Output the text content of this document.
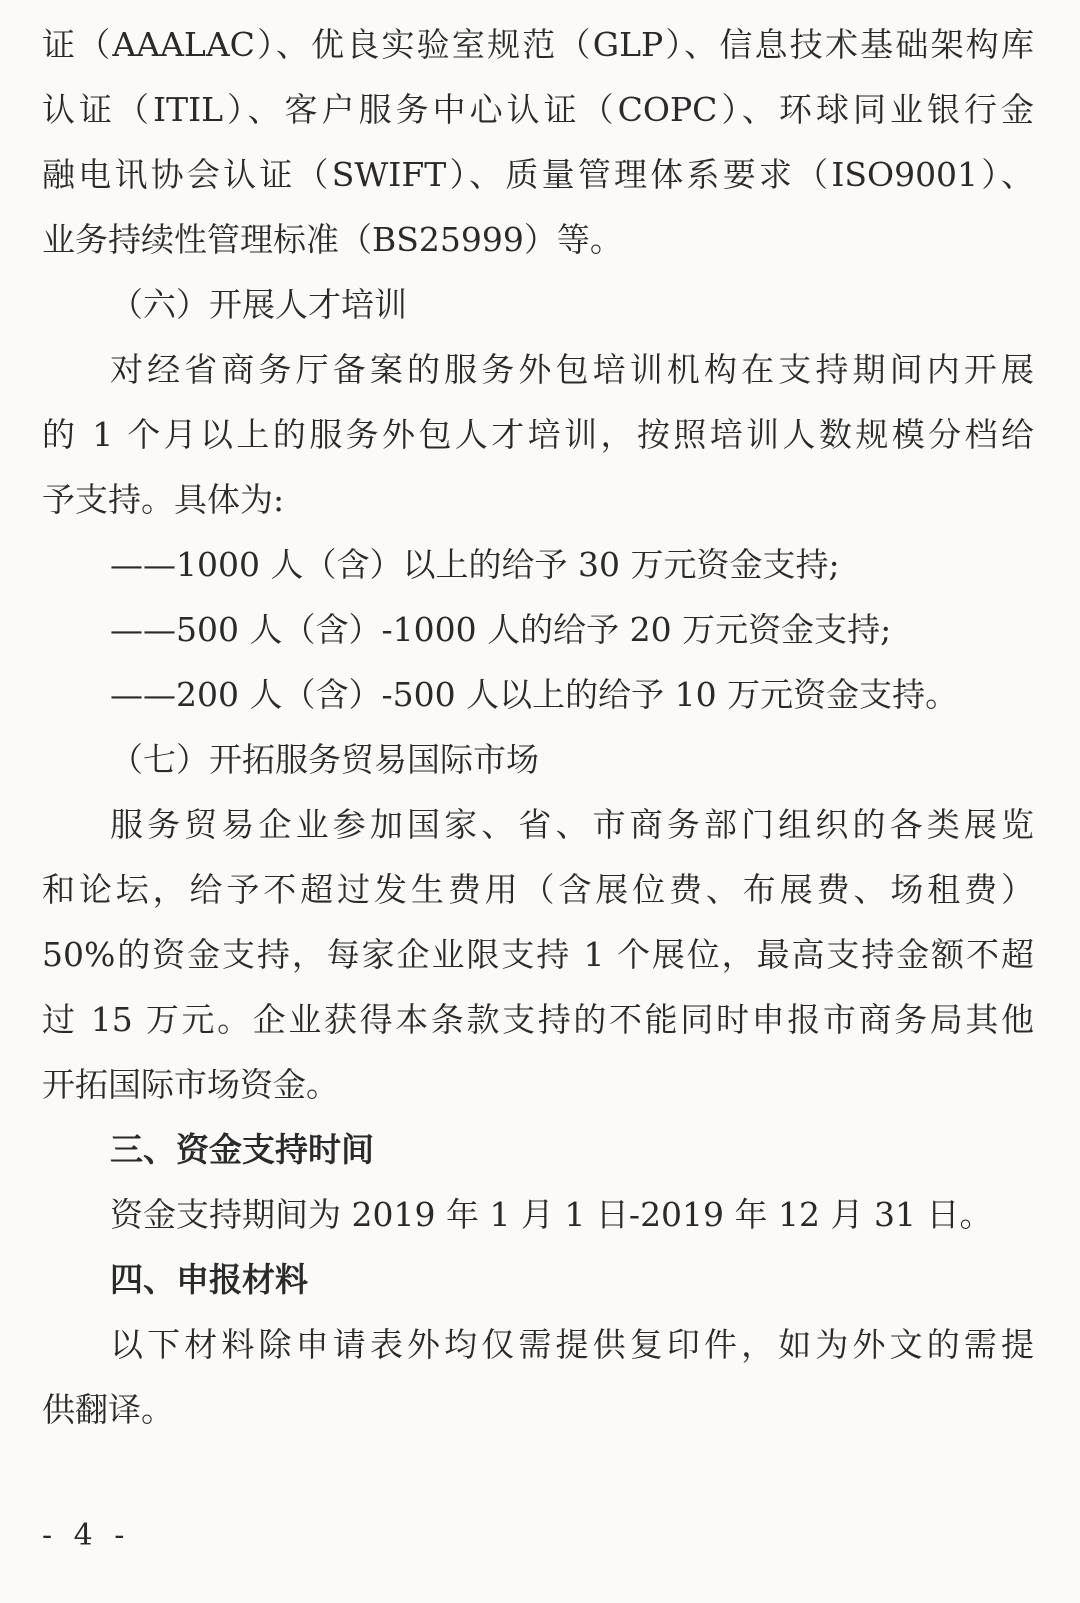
证（AAALAC）、优良实验室规范（GLP）、信息技术基础架构库
认证（ITIL）、客户服务中心认证（COPC）、环球同业银行金
融电讯协会认证（SWIFT）、质量管理体系要求（ISO9001）、
业务持续性管理标准（BS25999）等。
（六）开展人才培训
对经省商务厅备案的服务外包培训机构在支持期间内开展
的 1 个月以上的服务外包人才培训，按照培训人数规模分档给
予支持。具体为:
——1000 人（含）以上的给予 30 万元资金支持;
——500 人（含）-1000 人的给予 20 万元资金支持;
——200 人（含）-500 人以上的给予 10 万元资金支持。
（七）开拓服务贸易国际市场
服务贸易企业参加国家、省、市商务部门组织的各类展览
和论坛，给予不超过发生费用（含展位费、布展费、场租费）
50%的资金支持，每家企业限支持 1 个展位，最高支持金额不超
过 15 万元。企业获得本条款支持的不能同时申报市商务局其他
开拓国际市场资金。
三、资金支持时间
资金支持期间为 2019 年 1 月 1 日-2019 年 12 月 31 日。
四、申报材料
以下材料除申请表外均仅需提供复印件，如为外文的需提
供翻译。
- 4 -
